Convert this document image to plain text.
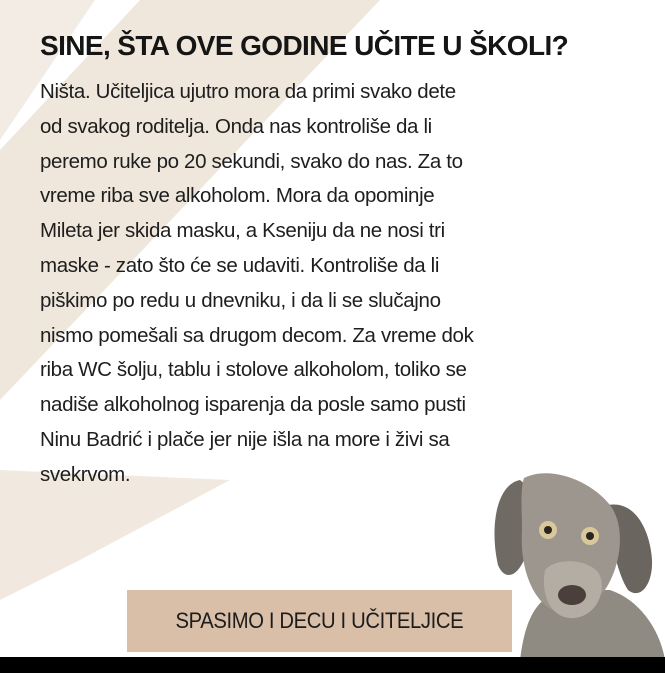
SINE, ŠTA OVE GODINE UČITE U ŠKOLI?
Ništa. Učiteljica ujutro mora da primi svako dete
od svakog roditelja. Onda nas kontroliše da li
peremo ruke po 20 sekundi, svako do nas. Za to
vreme riba sve alkoholom. Mora da opominje
Mileta jer skida masku, a Kseniju da ne nosi tri
maske - zato što će se udaviti. Kontroliše da li
piškimo po redu u dnevniku, i da li se slučajno
nismo pomešali sa drugom decom. Za vreme dok
riba WC šolju, tablu i stolove alkoholom, toliko se
nadiše alkoholnog isparenja da posle samo pusti
Ninu Badrić i plače jer nije išla na more i živi sa
svekrvom.
SPASIMO I DECU I UČITELJICE
